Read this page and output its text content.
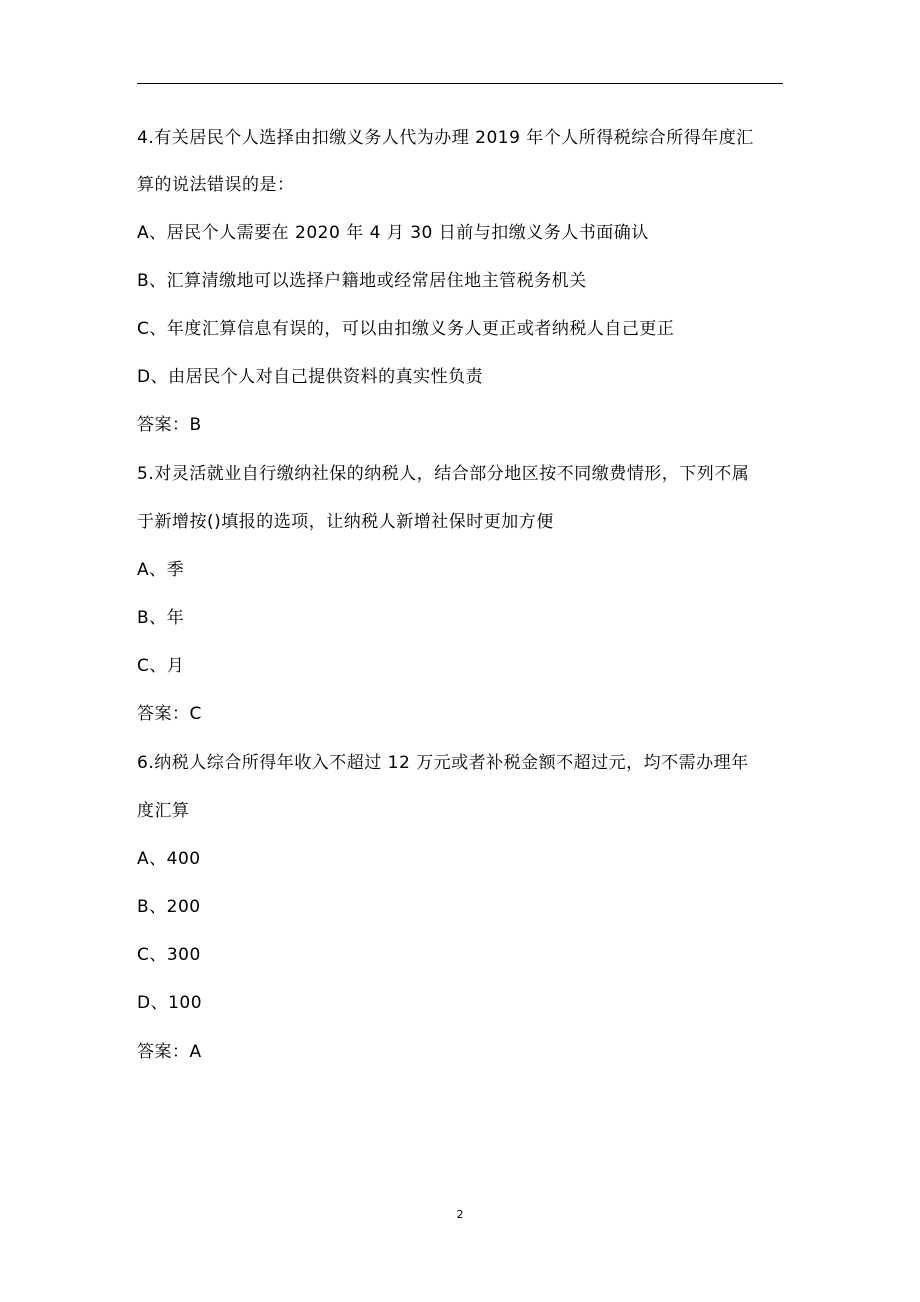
4.有关居民个人选择由扣缴义务人代为办理 2019 年个人所得税综合所得年度汇
算的说法错误的是：
A、居民个人需要在 2020 年 4 月 30 日前与扣缴义务人书面确认
B、汇算清缴地可以选择户籍地或经常居住地主管税务机关
C、年度汇算信息有误的，可以由扣缴义务人更正或者纳税人自己更正
D、由居民个人对自己提供资料的真实性负责
答案：B
5.对灵活就业自行缴纳社保的纳税人，结合部分地区按不同缴费情形，下列不属
于新增按()填报的选项，让纳税人新增社保时更加方便
A、季
B、年
C、月
答案：C
6.纳税人综合所得年收入不超过 12 万元或者补税金额不超过元，均不需办理年
度汇算
A、400
B、200
C、300
D、100
答案：A
2
